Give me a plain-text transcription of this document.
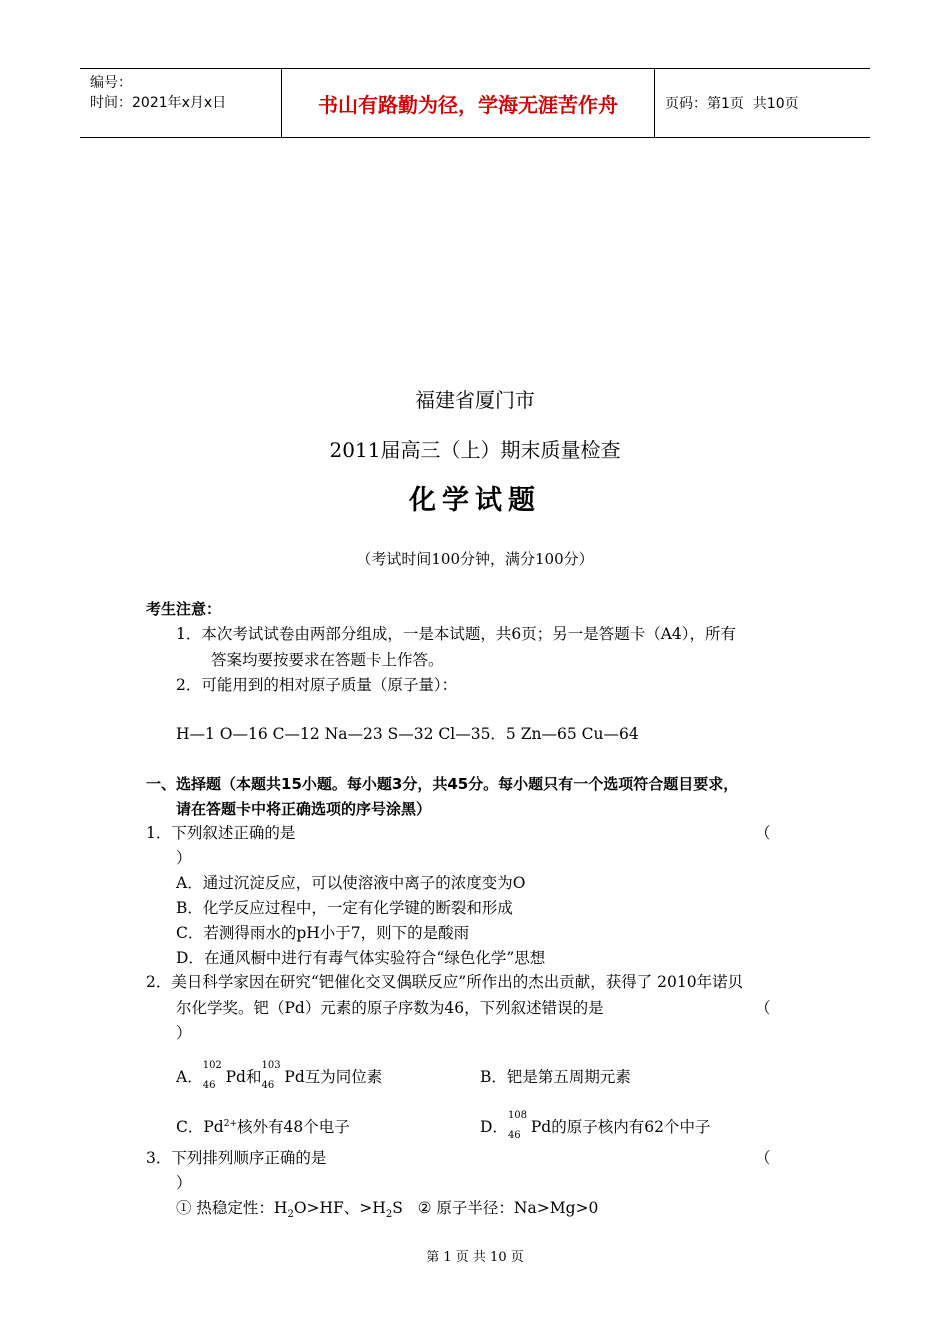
编号：
时间：2021年x月x日	书山有路勤为径，学海无涯苦作舟	页码：第1页  共10页
福建省厦门市
2011届高三（上）期末质量检查
化学试题
（考试时间100分钟，满分100分）
考生注意：
1．本次考试试卷由两部分组成，一是本试题，共6页；另一是答题卡（A4），所有
答案均要按要求在答题卡上作答。
2．可能用到的相对原子质量（原子量）：
H—1 O—16 C—12 Na—23 S—32 Cl—35．5 Zn—65 Cu—64
一、选择题（本题共15小题。每小题3分，共45分。每小题只有一个选项符合题目要求，
请在答题卡中将正确选项的序号涂黑）
1．下列叙述正确的是	（
）
A．通过沉淀反应，可以使溶液中离子的浓度变为O
B．化学反应过程中，一定有化学键的断裂和形成
C．若测得雨水的pH小于7，则下的是酸雨
D．在通风橱中进行有毒气体实验符合“绿色化学”思想
2．美日科学家因在研究“钯催化交叉偶联反应”所作出的杰出贡献，获得了 2010年诺贝
尔化学奖。钯（Pd）元素的原子序数为46，下列叙述错误的是	（
）
A．
102
46 Pd和
103
46 Pd互为同位素	B．钯是第五周期元素
C．$Pd^{2+}$核外有48个电子	D．
108
46 Pd的原子核内有62个中子
3．下列排列顺序正确的是	（
）
① 热稳定性：$H_2O>HF$、$>H_2S$ ② 原子半径：Na>Mg>0
第 1 页 共 10 页
